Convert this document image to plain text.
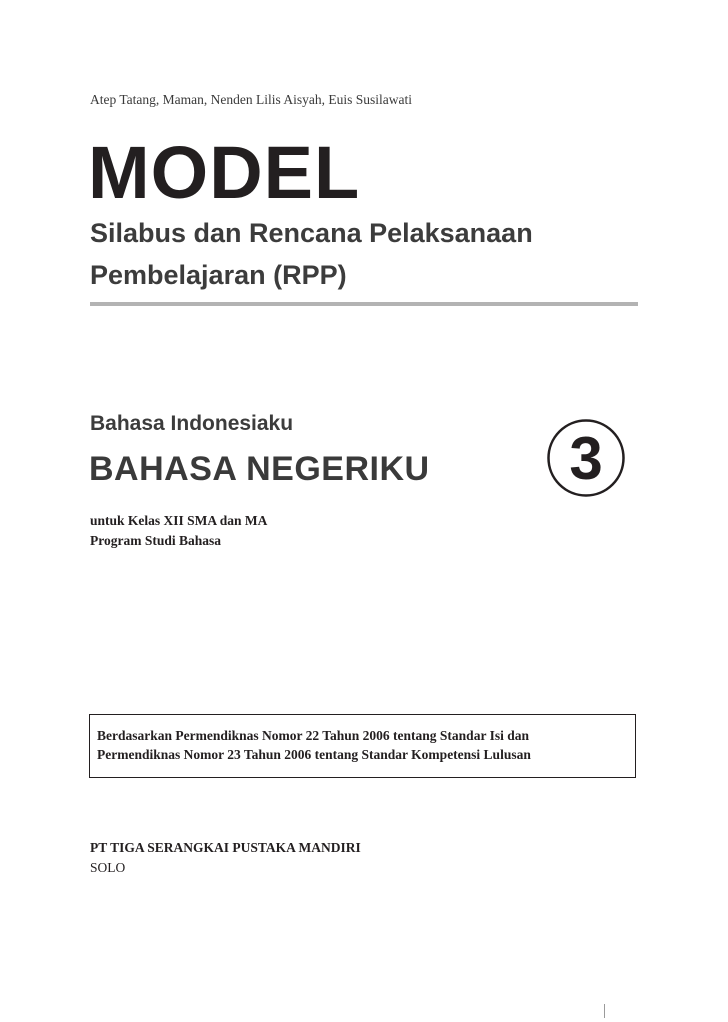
Atep Tatang, Maman, Nenden Lilis Aisyah, Euis Susilawati
MODEL
Silabus dan Rencana Pelaksanaan
Pembelajaran (RPP)
Bahasa Indonesiaku
BAHASA NEGERIKU 3
untuk Kelas XII SMA dan MA
Program Studi Bahasa
Berdasarkan Permendiknas Nomor 22 Tahun 2006 tentang Standar Isi dan
Permendiknas Nomor 23 Tahun 2006 tentang Standar Kompetensi Lulusan
PT TIGA SERANGKAI PUSTAKA MANDIRI
SOLO
